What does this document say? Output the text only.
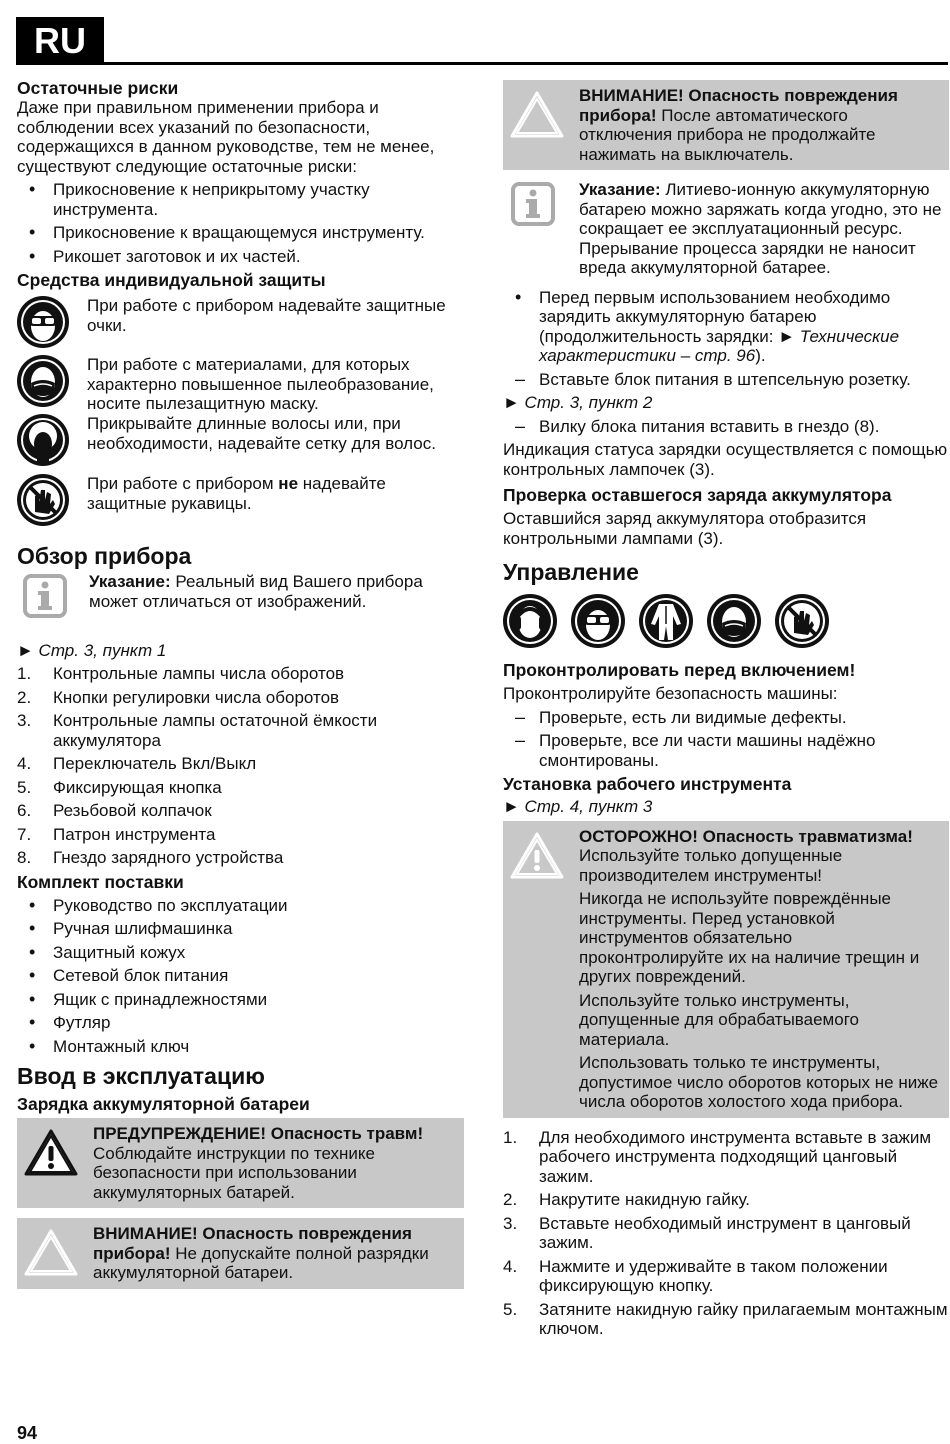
RU
Остаточные риски

Даже при правильном применении прибора и соблюдении всех указаний по безопасности, содержащихся в данном руководстве, тем не менее, существуют следующие остаточные риски:

• Прикосновение к неприкрытому участку инструмента.
• Прикосновение к вращающемуся инструменту.
• Рикошет заготовок и их частей.
Средства индивидуальной защиты
При работе с прибором надевайте защитные очки.
При работе с материалами, для которых характерно повышенное пылеобразование, носите пылезащитную маску.
Прикрывайте длинные волосы или, при необходимости, надевайте сетку для волос.
При работе с прибором не надевайте защитные рукавицы.
Обзор прибора
Указание: Реальный вид Вашего прибора может отличаться от изображений.

► Стр. 3, пункт 1

1. Контрольные лампы числа оборотов
2. Кнопки регулировки числа оборотов
3. Контрольные лампы остаточной ёмкости аккумулятора
4. Переключатель Вкл/Выкл
5. Фиксирующая кнопка
6. Резьбовой колпачок
7. Патрон инструмента
8. Гнездо зарядного устройства
Комплект поставки
• Руководство по эксплуатации
• Ручная шлифмашинка
• Защитный кожух
• Сетевой блок питания
• Ящик с принадлежностями
• Футляр
• Монтажный ключ
Ввод в эксплуатацию
Зарядка аккумуляторной батареи
ПРЕДУПРЕЖДЕНИЕ! Опасность травм! Соблюдайте инструкции по технике безопасности при использовании аккумуляторных батарей.
ВНИМАНИЕ! Опасность повреждения прибора! Не допускайте полной разрядки аккумуляторной батареи.
ВНИМАНИЕ! Опасность повреждения прибора! После автоматического отключения прибора не продолжайте нажимать на выключатель.
Указание: Литиево-ионную аккумуляторную батарею можно заряжать когда угодно, это не сокращает ее эксплуатационный ресурс. Прерывание процесса зарядки не наносит вреда аккумуляторной батарее.
• Перед первым использованием необходимо зарядить аккумуляторную батарею (продолжительность зарядки: ► Технические характеристики – стр. 96).
– Вставьте блок питания в штепсельную розетку.

► Стр. 3, пункт 2

– Вилку блока питания вставить в гнездо (8).

Индикация статуса зарядки осуществляется с помощью контрольных лампочек (3).

Проверка оставшегося заряда аккумулятора

Оставшийся заряд аккумулятора отобразится контрольными лампами (3).

Управление
Проконтролировать перед включением!

Проконтролируйте безопасность машины:

– Проверьте, есть ли видимые дефекты.
– Проверьте, все ли части машины надёжно смонтированы.
Установка рабочего инструмента

► Стр. 4, пункт 3

ОСТОРОЖНО! Опасность травматизма! Используйте только допущенные производителем инструменты!

Никогда не используйте повреждённые инструменты. Перед установкой инструментов обязательно проконтролируйте их на наличие трещин и других повреждений.

Используйте только инструменты, допущенные для обрабатываемого материала.

Использовать только те инструменты, допустимое число оборотов которых не ниже числа оборотов холостого хода прибора.

1. Для необходимого инструмента вставьте в зажим рабочего инструмента подходящий цанговый зажим.
2. Накрутите накидную гайку.
3. Вставьте необходимый инструмент в цанговый зажим.
4. Нажмите и удерживайте в таком положении фиксирующую кнопку.
5. Затяните накидную гайку прилагаемым монтажным ключом.
94
